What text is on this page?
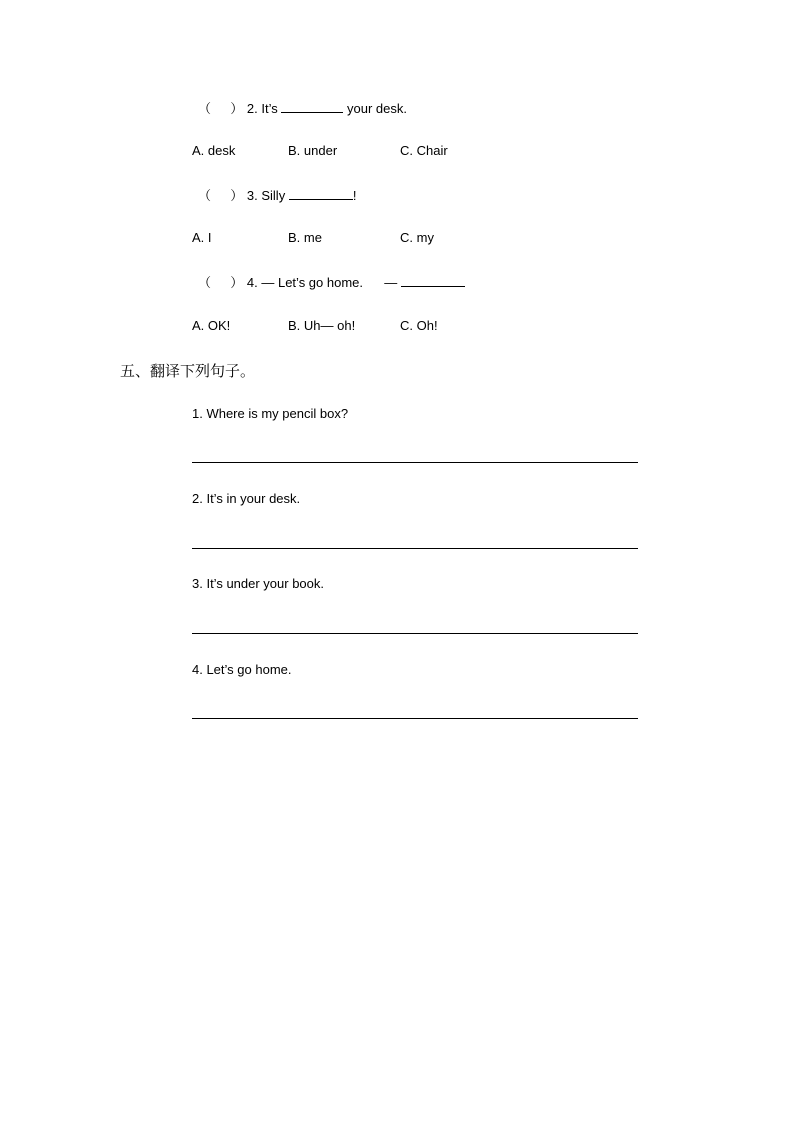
（ ） 2. It’s	your desk.
A. desk	B. under	C. Chair
（ ） 3. Silly	!
A. I	B. me	C. my
（ ） 4. — Let’s go home. —
A. OK!	B. Uh— oh!	C. Oh!
五、翻译下列句子。
1. Where is my pencil box?
2. It’s in your desk.
3. It’s under your book.
4. Let’s go home.
